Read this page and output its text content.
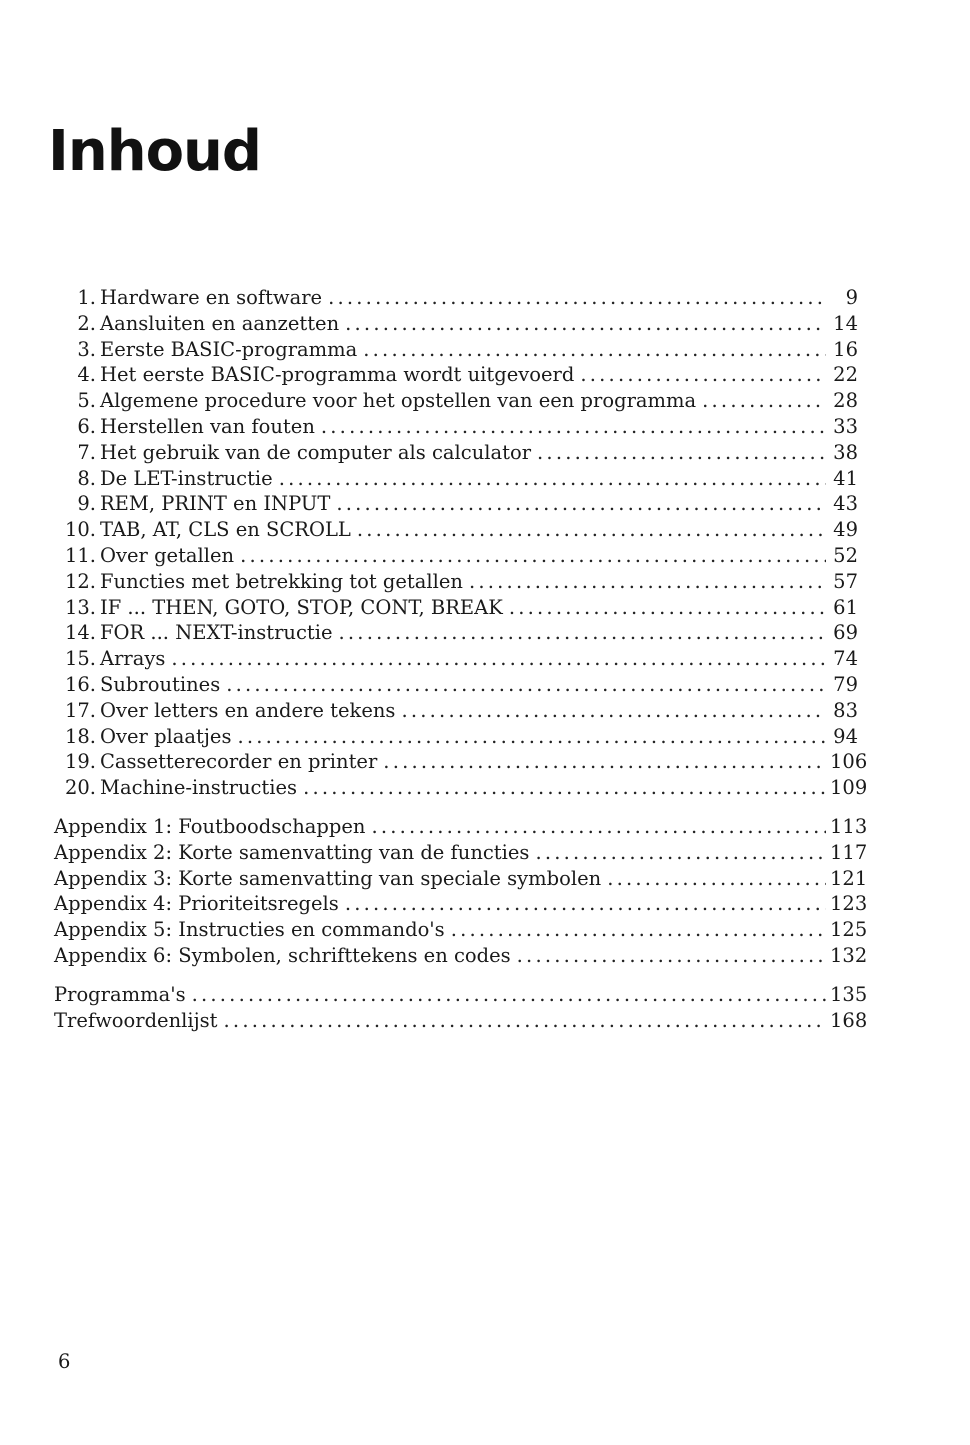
Inhoud
1. Hardware en software . . .	9
2. Aansluiten en aanzetten . . .	14
3. Eerste BASIC-programma . . .	16
4. Het eerste BASIC-programma wordt uitgevoerd . . .	22
5. Algemene procedure voor het opstellen van een programma . . .	28
6. Herstellen van fouten . . .	33
7. Het gebruik van de computer als calculator . . .	38
8. De LET-instructie . . .	41
9. REM, PRINT en INPUT . . .	43
10. TAB, AT, CLS en SCROLL . . .	49
11. Over getallen . . .	52
12. Functies met betrekking tot getallen . . .	57
13. IF ... THEN, GOTO, STOP, CONT, BREAK . . .	61
14. FOR ... NEXT-instructie . . .	69
15. Arrays . . .	74
16. Subroutines . . .	79
17. Over letters en andere tekens . . .	83
18. Over plaatjes . . .	94
19. Cassetterecorder en printer . . .	106
20. Machine-instructies . . .	109
Appendix 1: Foutboodschappen . . .	113
Appendix 2: Korte samenvatting van de functies . . .	117
Appendix 3: Korte samenvatting van speciale symbolen . . .	121
Appendix 4: Prioriteitsregels . . .	123
Appendix 5: Instructies en commando's . . .	125
Appendix 6: Symbolen, schrifttekens en codes . . .	132
Programma's . . .	135
Trefwoordenlijst . . .	168
6
